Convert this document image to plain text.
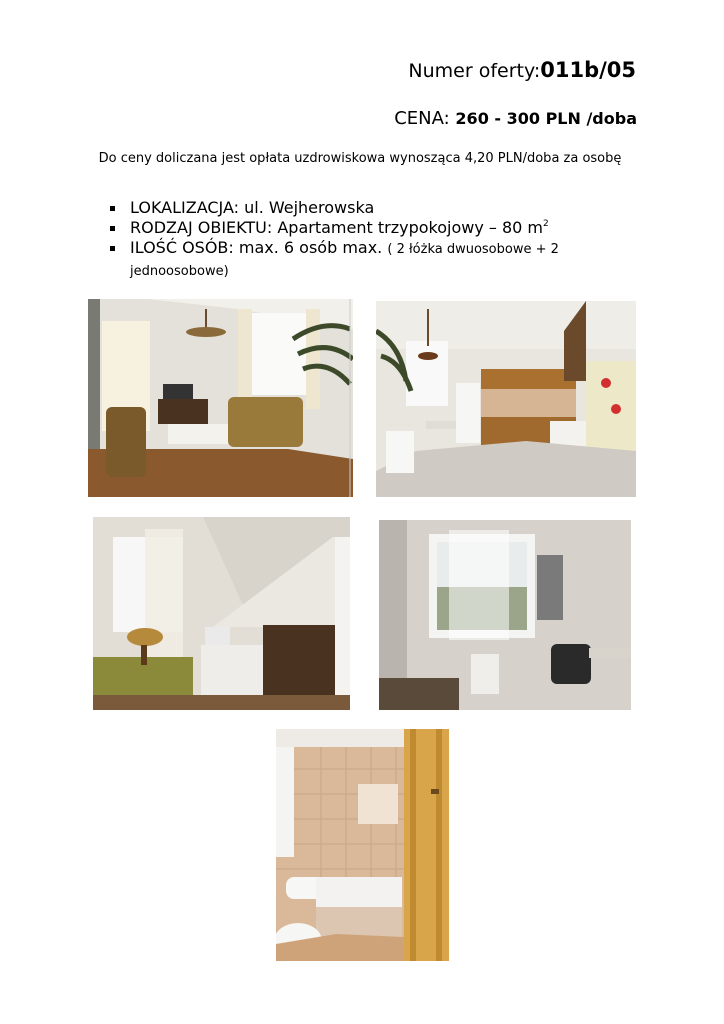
Numer oferty:011b/05
CENA: 260 - 300 PLN /doba
Do ceny doliczana jest opłata uzdrowiskowa wynosząca 4,20 PLN/doba za osobę
LOKALIZACJA: ul. Wejherowska
RODZAJ OBIEKTU: Apartament trzypokojowy – 80 $m^2$
ILOŚĆ OSÓB: max. 6 osób max. ( 2 łóżka dwuosobowe + 2 jednoosobowe)
